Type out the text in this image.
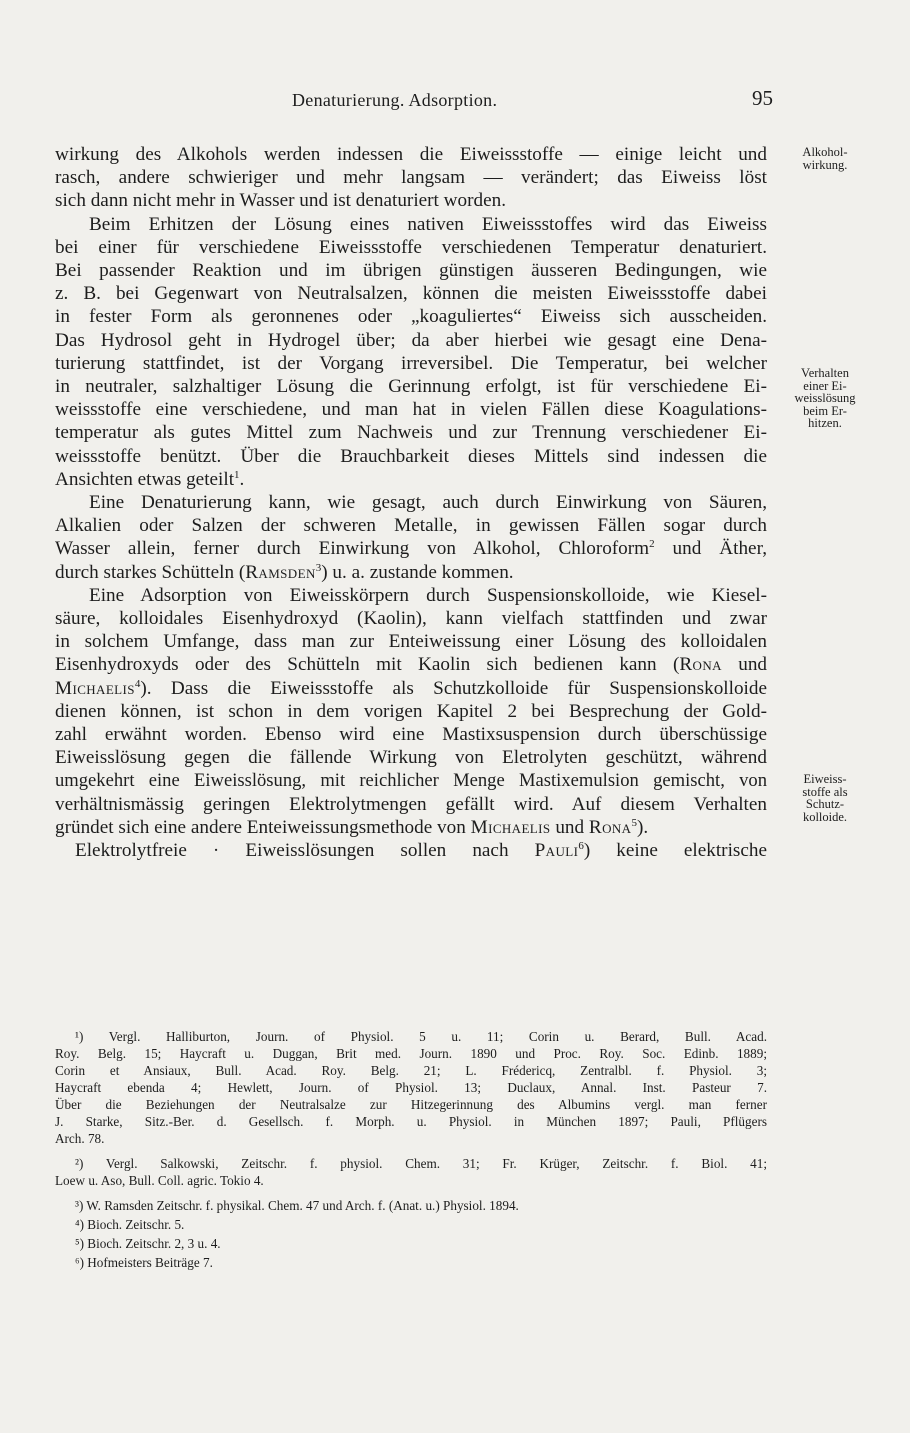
Denaturierung. Adsorption.	95
Alkohol-
wirkung.
Verhalten
einer Ei-
weisslösung
beim Er-
hitzen.
Eiweiss-
stoffe als
Schutz-
kolloide.

wirkung des Alkohols werden indessen die Eiweissstoffe — einige leicht und
rasch, andere schwieriger und mehr langsam — verändert; das Eiweiss löst
sich dann nicht mehr in Wasser und ist denaturiert worden.

Beim Erhitzen der Lösung eines nativen Eiweissstoffes wird das Eiweiss
bei einer für verschiedene Eiweissstoffe verschiedenen Temperatur denaturiert.
Bei passender Reaktion und im übrigen günstigen äusseren Bedingungen, wie
z. B. bei Gegenwart von Neutralsalzen, können die meisten Eiweissstoffe dabei
in fester Form als geronnenes oder „koaguliertes“ Eiweiss sich ausscheiden.
Das Hydrosol geht in Hydrogel über; da aber hierbei wie gesagt eine Dena-
turierung stattfindet, ist der Vorgang irreversibel. Die Temperatur, bei welcher
in neutraler, salzhaltiger Lösung die Gerinnung erfolgt, ist für verschiedene Ei-
weissstoffe eine verschiedene, und man hat in vielen Fällen diese Koagulations-
temperatur als gutes Mittel zum Nachweis und zur Trennung verschiedener Ei-
weissstoffe benützt. Über die Brauchbarkeit dieses Mittels sind indessen die
Ansichten etwas geteilt$^1$.

Eine Denaturierung kann, wie gesagt, auch durch Einwirkung von Säuren,
Alkalien oder Salzen der schweren Metalle, in gewissen Fällen sogar durch
Wasser allein, ferner durch Einwirkung von Alkohol, Chloroform$^2$ und Äther,
durch starkes Schütteln (Ramsden$^3$) u. a. zustande kommen.

Eine Adsorption von Eiweisskörpern durch Suspensionskolloide, wie Kiesel-
säure, kolloidales Eisenhydroxyd (Kaolin), kann vielfach stattfinden und zwar
in solchem Umfange, dass man zur Enteiweissung einer Lösung des kolloidalen
Eisenhydroxyds oder des Schütteln mit Kaolin sich bedienen kann (Rona und
Michaelis$^4$). Dass die Eiweissstoffe als Schutzkolloide für Suspensionskolloide
dienen können, ist schon in dem vorigen Kapitel 2 bei Besprechung der Gold-
zahl erwähnt worden. Ebenso wird eine Mastixsuspension durch überschüssige
Eiweisslösung gegen die fällende Wirkung von Eletrolyten geschützt, während
umgekehrt eine Eiweisslösung, mit reichlicher Menge Mastixemulsion gemischt, von
verhältnismässig geringen Elektrolytmengen gefällt wird. Auf diesem Verhalten
gründet sich eine andere Enteiweissungsmethode von Michaelis und Rona$^5$).

Elektrolytfreie · Eiweisslösungen sollen nach Pauli$^6$) keine elektrische

¹) Vergl. Halliburton, Journ. of Physiol. 5 u. 11; Corin u. Berard, Bull. Acad.
Roy. Belg. 15; Haycraft u. Duggan, Brit med. Journ. 1890 und Proc. Roy. Soc. Edinb. 1889;
Corin et Ansiaux, Bull. Acad. Roy. Belg. 21; L. Frédericq, Zentralbl. f. Physiol. 3;
Haycraft ebenda 4; Hewlett, Journ. of Physiol. 13; Duclaux, Annal. Inst. Pasteur 7.
Über die Beziehungen der Neutralsalze zur Hitzegerinnung des Albumins vergl. man ferner
J. Starke, Sitz.-Ber. d. Gesellsch. f. Morph. u. Physiol. in München 1897; Pauli, Pflügers
Arch. 78.
²) Vergl. Salkowski, Zeitschr. f. physiol. Chem. 31; Fr. Krüger, Zeitschr. f. Biol. 41;
Loew u. Aso, Bull. Coll. agric. Tokio 4.
³) W. Ramsden Zeitschr. f. physikal. Chem. 47 und Arch. f. (Anat. u.) Physiol. 1894.
⁴) Bioch. Zeitschr. 5.
⁵) Bioch. Zeitschr. 2, 3 u. 4.
⁶) Hofmeisters Beiträge 7.
